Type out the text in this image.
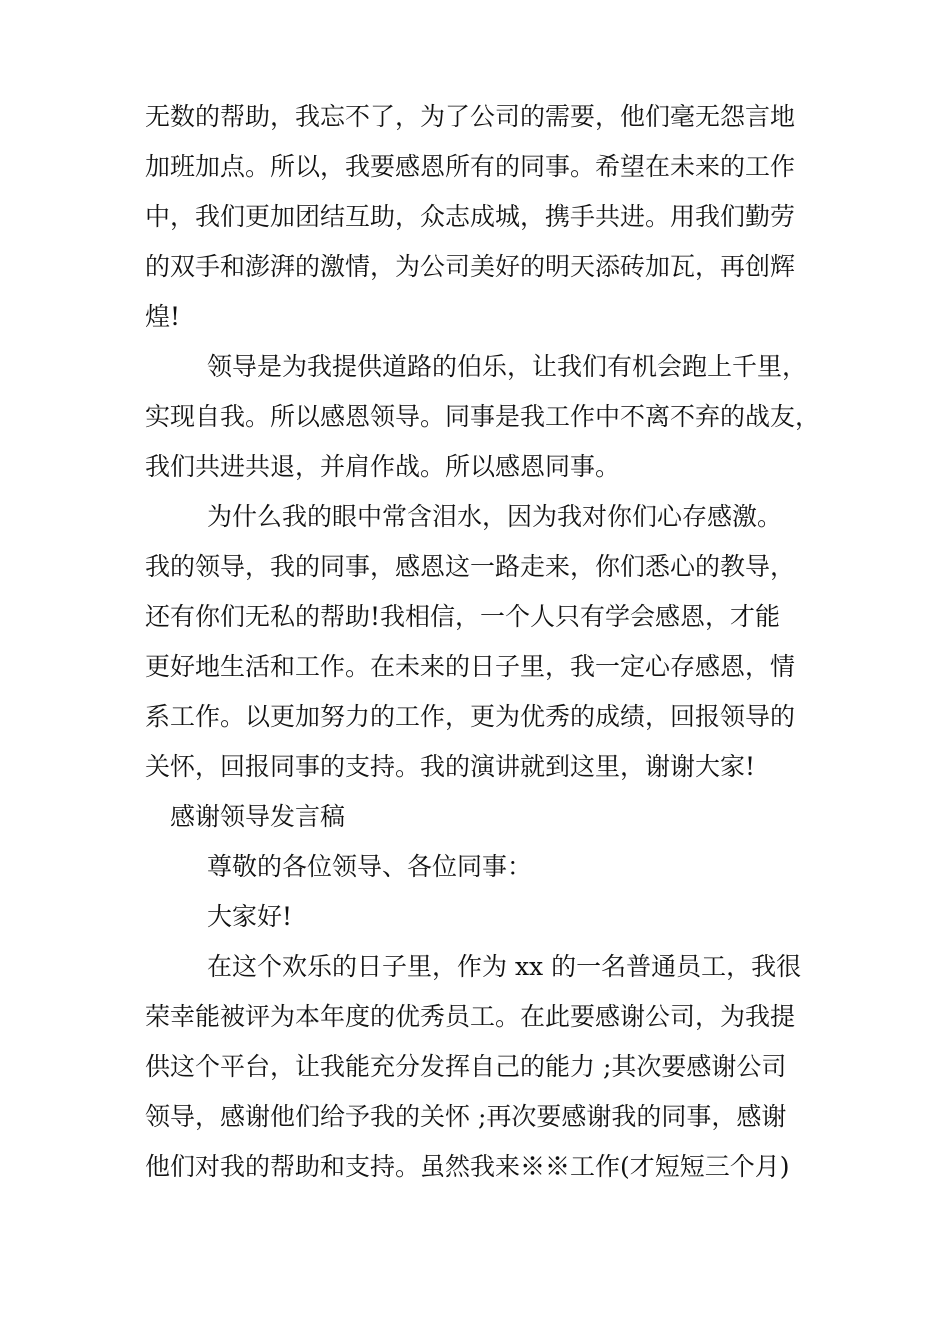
无数的帮助，我忘不了，为了公司的需要，他们毫无怨言地
加班加点。所以，我要感恩所有的同事。希望在未来的工作
中，我们更加团结互助，众志成城，携手共进。用我们勤劳
的双手和澎湃的激情，为公司美好的明天添砖加瓦，再创辉
煌!
领导是为我提供道路的伯乐，让我们有机会跑上千里，
实现自我。所以感恩领导。同事是我工作中不离不弃的战友，
我们共进共退，并肩作战。所以感恩同事。
为什么我的眼中常含泪水，因为我对你们心存感激。
我的领导，我的同事，感恩这一路走来，你们悉心的教导，
还有你们无私的帮助!我相信，一个人只有学会感恩，才能
更好地生活和工作。在未来的日子里，我一定心存感恩，情
系工作。以更加努力的工作，更为优秀的成绩，回报领导的
关怀，回报同事的支持。我的演讲就到这里，谢谢大家!
感谢领导发言稿
尊敬的各位领导、各位同事：
大家好!
在这个欢乐的日子里，作为 xx 的一名普通员工，我很
荣幸能被评为本年度的优秀员工。在此要感谢公司，为我提
供这个平台，让我能充分发挥自己的能力 ;其次要感谢公司
领导，感谢他们给予我的关怀 ;再次要感谢我的同事，感谢
他们对我的帮助和支持。虽然我来※※工作(才短短三个月)
